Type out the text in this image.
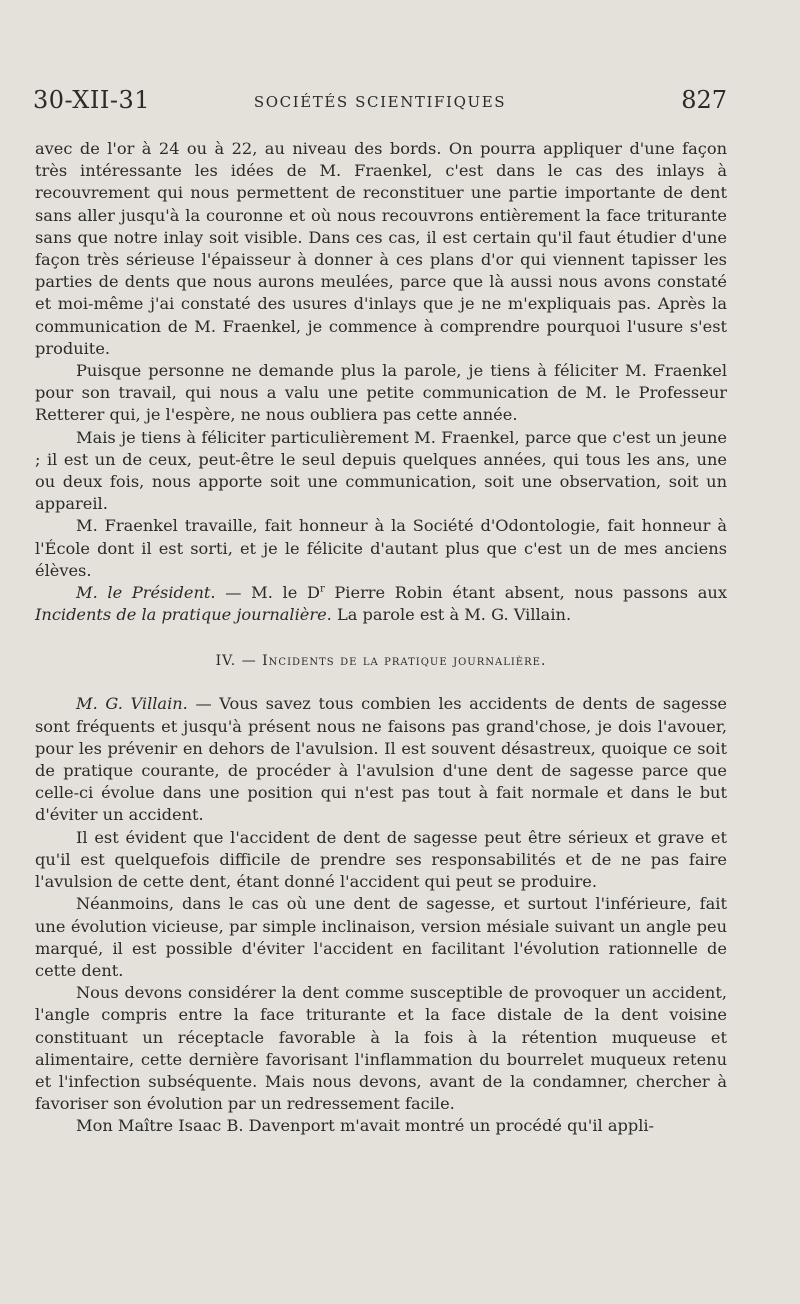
30-XII-31	SOCIÉTÉS SCIENTIFIQUES	827

avec de l'or à 24 ou à 22, au niveau des bords. On pourra appliquer d'une façon très intéressante les idées de M. Fraenkel, c'est dans le cas des inlays à recouvrement qui nous permettent de reconstituer une partie importante de dent sans aller jusqu'à la couronne et où nous recouvrons entièrement la face triturante sans que notre inlay soit visible. Dans ces cas, il est certain qu'il faut étudier d'une façon très sérieuse l'épaisseur à donner à ces plans d'or qui viennent tapisser les parties de dents que nous aurons meulées, parce que là aussi nous avons constaté et moi-même j'ai constaté des usures d'inlays que je ne m'expliquais pas. Après la communication de M. Fraenkel, je commence à comprendre pourquoi l'usure s'est produite.

Puisque personne ne demande plus la parole, je tiens à féliciter M. Fraenkel pour son travail, qui nous a valu une petite communication de M. le Professeur Retterer qui, je l'espère, ne nous oubliera pas cette année.

Mais je tiens à féliciter particulièrement M. Fraenkel, parce que c'est un jeune ; il est un de ceux, peut-être le seul depuis quelques années, qui tous les ans, une ou deux fois, nous apporte soit une communication, soit une observation, soit un appareil.

M. Fraenkel travaille, fait honneur à la Société d'Odontologie, fait honneur à l'École dont il est sorti, et je le félicite d'autant plus que c'est un de mes anciens élèves.

M. le Président. — M. le $D^r$ Pierre Robin étant absent, nous passons aux Incidents de la pratique journalière. La parole est à M. G. Villain.

IV. — Incidents de la pratique journalière.

M. G. Villain. — Vous savez tous combien les accidents de dents de sagesse sont fréquents et jusqu'à présent nous ne faisons pas grand'chose, je dois l'avouer, pour les prévenir en dehors de l'avulsion. Il est souvent désastreux, quoique ce soit de pratique courante, de procéder à l'avulsion d'une dent de sagesse parce que celle-ci évolue dans une position qui n'est pas tout à fait normale et dans le but d'éviter un accident.

Il est évident que l'accident de dent de sagesse peut être sérieux et grave et qu'il est quelquefois difficile de prendre ses responsabilités et de ne pas faire l'avulsion de cette dent, étant donné l'accident qui peut se produire.

Néanmoins, dans le cas où une dent de sagesse, et surtout l'inférieure, fait une évolution vicieuse, par simple inclinaison, version mésiale suivant un angle peu marqué, il est possible d'éviter l'accident en facilitant l'évolution rationnelle de cette dent.

Nous devons considérer la dent comme susceptible de provoquer un accident, l'angle compris entre la face triturante et la face distale de la dent voisine constituant un réceptacle favorable à la fois à la rétention muqueuse et alimentaire, cette dernière favorisant l'inflammation du bourrelet muqueux retenu et l'infection subséquente. Mais nous devons, avant de la condamner, chercher à favoriser son évolution par un redressement facile.

Mon Maître Isaac B. Davenport m'avait montré un procédé qu'il appli-
